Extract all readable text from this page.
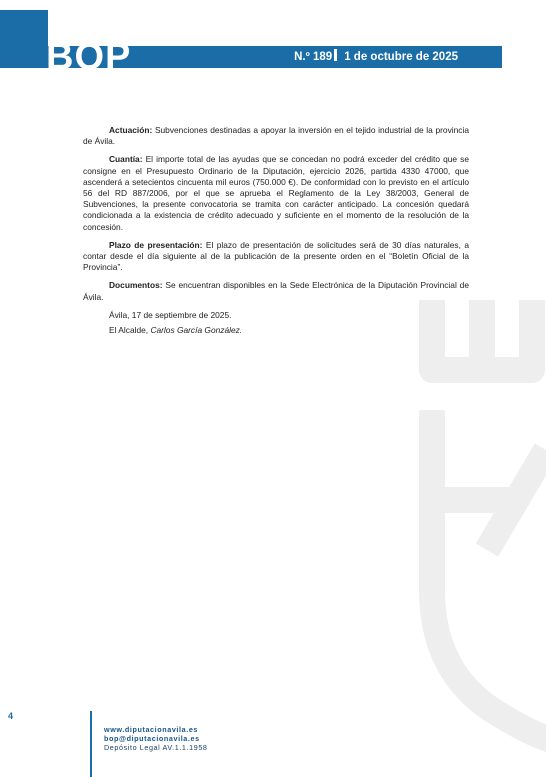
BOP	N.º 189 1 de octubre de 2025

Actuación: Subvenciones destinadas a apoyar la inversión en el tejido industrial de la provincia de Ávila.

Cuantía: El importe total de las ayudas que se concedan no podrá exceder del crédito que se consigne en el Presupuesto Ordinario de la Diputación, ejercicio 2026, partida 4330 47000, que ascenderá a setecientos cincuenta mil euros (750.000 €). De conformidad con lo previsto en el artículo 56 del RD 887/2006, por el que se aprueba el Reglamento de la Ley 38/2003, General de Subvenciones, la presente convocatoria se tramita con carácter anticipado. La concesión quedará condicionada a la existencia de crédito adecuado y suficiente en el momento de la resolución de la concesión.

Plazo de presentación: El plazo de presentación de solicitudes será de 30 días naturales, a contar desde el día siguiente al de la publicación de la presente orden en el “Boletín Oficial de la Provincia”.

Documentos: Se encuentran disponibles en la Sede Electrónica de la Diputación Provincial de Ávila.

Ávila, 17 de septiembre de 2025.

El Alcalde, Carlos García González.

4
www.diputacionavila.es
bop@diputacionavila.es
Depósito Legal AV.1.1.1958
